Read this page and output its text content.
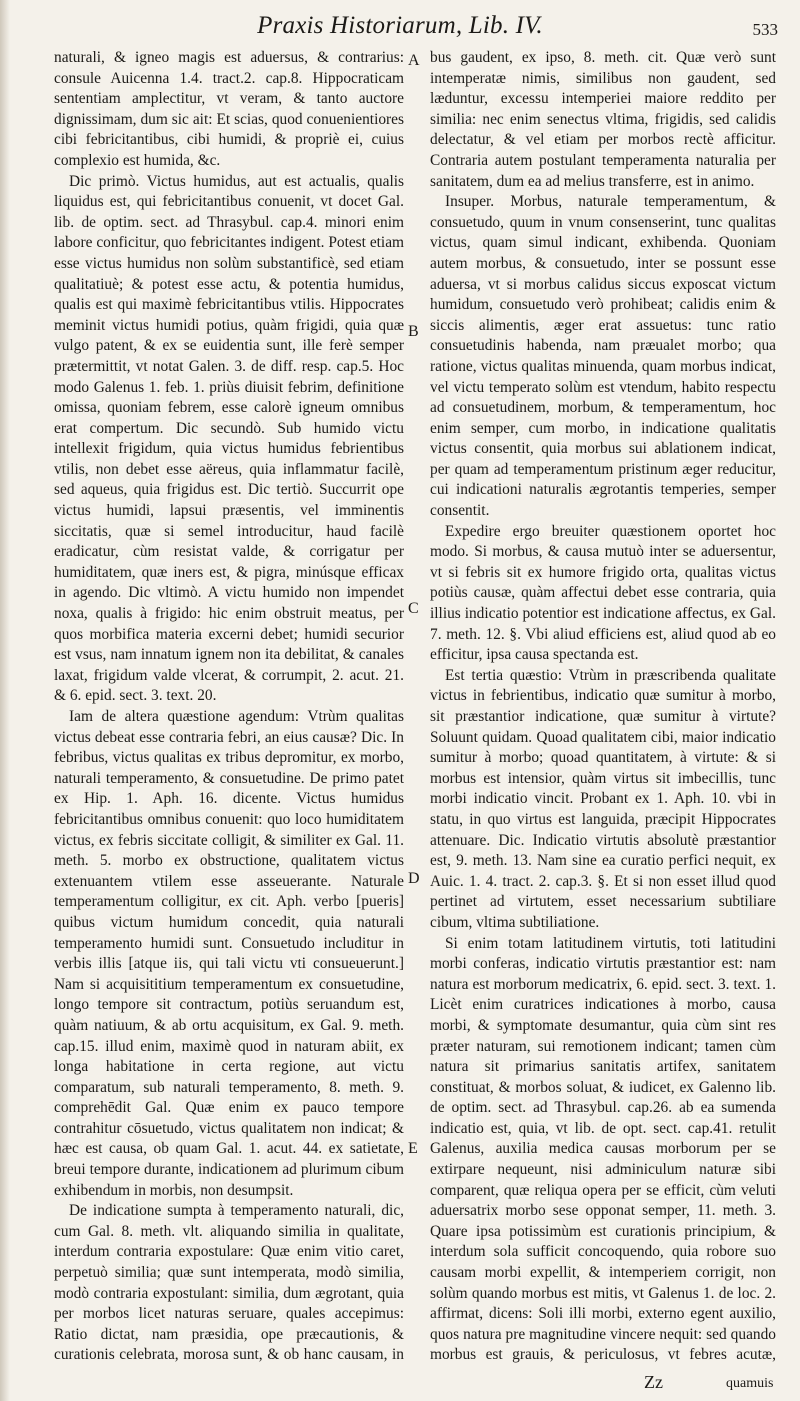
Praxis Historiarum, Lib. IV.	533

naturali, & igneo magis est aduersus, & contrarius: consule Auicenna 1.4. tract.2. cap.8. Hippocraticam sententiam amplectitur, vt veram, & tanto auctore dignissimam, dum sic ait: Et scias, quod conuenientiores cibi febricitantibus, cibi humidi, & propriè ei, cuius complexio est humida, &c.

Dic primò. Victus humidus, aut est actualis, qualis liquidus est, qui febricitantibus conuenit, vt docet Gal. lib. de optim. sect. ad Thrasybul. cap.4. minori enim labore conficitur, quo febricitantes indigent. Potest etiam esse victus humidus non solùm substantificè, sed etiam qualitatiuè; & potest esse actu, & potentia humidus, qualis est qui maximè febricitantibus vtilis. Hippocrates meminit victus humidi potius, quàm frigidi, quia quæ vulgo patent, & ex se euidentia sunt, ille ferè semper prætermittit, vt notat Galen. 3. de diff. resp. cap.5. Hoc modo Galenus 1. feb. 1. priùs diuisit febrim, definitione omissa, quoniam febrem, esse calorè igneum omnibus erat compertum. Dic secundò. Sub humido victu intellexit frigidum, quia victus humidus febrientibus vtilis, non debet esse aëreus, quia inflammatur facilè, sed aqueus, quia frigidus est. Dic tertiò. Succurrit ope victus humidi, lapsui præsentis, vel imminentis siccitatis, quæ si semel introducitur, haud facilè eradicatur, cùm resistat valde, & corrigatur per humiditatem, quæ iners est, & pigra, minúsque efficax in agendo. Dic vltimò. A victu humido non impendet noxa, qualis à frigido: hic enim obstruit meatus, per quos morbifica materia excerni debet; humidi securior est vsus, nam innatum ignem non ita debilitat, & canales laxat, frigidum valde vlcerat, & corrumpit, 2. acut. 21. & 6. epid. sect. 3. text. 20.

Iam de altera quæstione agendum: Vtrùm qualitas victus debeat esse contraria febri, an eius causæ? Dic. In febribus, victus qualitas ex tribus depromitur, ex morbo, naturali temperamento, & consuetudine. De primo patet ex Hip. 1. Aph. 16. dicente. Victus humidus febricitantibus omnibus conuenit: quo loco humiditatem victus, ex febris siccitate colligit, & similiter ex Gal. 11. meth. 5. morbo ex obstructione, qualitatem victus extenuantem vtilem esse asseuerante. Naturale temperamentum colligitur, ex cit. Aph. verbo [pueris] quibus victum humidum concedit, quia naturali temperamento humidi sunt. Consuetudo includitur in verbis illis [atque iis, qui tali victu vti consueuerunt.] Nam si acquisititium temperamentum ex consuetudine, longo tempore sit contractum, potiùs seruandum est, quàm natiuum, & ab ortu acquisitum, ex Gal. 9. meth. cap.15. illud enim, maximè quod in naturam abiit, ex longa habitatione in certa regione, aut victu comparatum, sub naturali temperamento, 8. meth. 9. comprehēdit Gal. Quæ enim ex pauco tempore contrahitur cōsuetudo, victus qualitatem non indicat; & hæc est causa, ob quam Gal. 1. acut. 44. ex satietate, breui tempore durante, indicationem ad plurimum cibum exhibendum in morbis, non desumpsit.

De indicatione sumpta à temperamento naturali, dic, cum Gal. 8. meth. vlt. aliquando similia in qualitate, interdum contraria expostulare: Quæ enim vitio caret, perpetuò similia; quæ sunt intemperata, modò similia, modò contraria expostulant: similia, dum ægrotant, quia per morbos licet naturas seruare, quales accepimus: Ratio dictat, nam præsidia, ope præcautionis, & curationis celebrata, morosa sunt, & ob hanc causam, in

A
B
C
D
E

bus gaudent, ex ipso, 8. meth. cit. Quæ verò sunt intemperatæ nimis, similibus non gaudent, sed læduntur, excessu intemperiei maiore reddito per similia: nec enim senectus vltima, frigidis, sed calidis delectatur, & vel etiam per morbos rectè afficitur. Contraria autem postulant temperamenta naturalia per sanitatem, dum ea ad melius transferre, est in animo.

Insuper. Morbus, naturale temperamentum, & consuetudo, quum in vnum consenserint, tunc qualitas victus, quam simul indicant, exhibenda. Quoniam autem morbus, & consuetudo, inter se possunt esse aduersa, vt si morbus calidus siccus exposcat victum humidum, consuetudo verò prohibeat; calidis enim & siccis alimentis, æger erat assuetus: tunc ratio consuetudinis habenda, nam præualet morbo; qua ratione, victus qualitas minuenda, quam morbus indicat, vel victu temperato solùm est vtendum, habito respectu ad consuetudinem, morbum, & temperamentum, hoc enim semper, cum morbo, in indicatione qualitatis victus consentit, quia morbus sui ablationem indicat, per quam ad temperamentum pristinum æger reducitur, cui indicationi naturalis ægrotantis temperies, semper consentit.

Expedire ergo breuiter quæstionem oportet hoc modo. Si morbus, & causa mutuò inter se aduersentur, vt si febris sit ex humore frigido orta, qualitas victus potiùs causæ, quàm affectui debet esse contraria, quia illius indicatio potentior est indicatione affectus, ex Gal. 7. meth. 12. §. Vbi aliud efficiens est, aliud quod ab eo efficitur, ipsa causa spectanda est.

Est tertia quæstio: Vtrùm in præscribenda qualitate victus in febrientibus, indicatio quæ sumitur à morbo, sit præstantior indicatione, quæ sumitur à virtute? Soluunt quidam. Quoad qualitatem cibi, maior indicatio sumitur à morbo; quoad quantitatem, à virtute: & si morbus est intensior, quàm virtus sit imbecillis, tunc morbi indicatio vincit. Probant ex 1. Aph. 10. vbi in statu, in quo virtus est languida, præcipit Hippocrates attenuare. Dic. Indicatio virtutis absolutè præstantior est, 9. meth. 13. Nam sine ea curatio perfici nequit, ex Auic. 1. 4. tract. 2. cap.3. §. Et si non esset illud quod pertinet ad virtutem, esset necessarium subtiliare cibum, vltima subtiliatione.

Si enim totam latitudinem virtutis, toti latitudini morbi conferas, indicatio virtutis præstantior est: nam natura est morborum medicatrix, 6. epid. sect. 3. text. 1. Licèt enim curatrices indicationes à morbo, causa morbi, & symptomate desumantur, quia cùm sint res præter naturam, sui remotionem indicant; tamen cùm natura sit primarius sanitatis artifex, sanitatem constituat, & morbos soluat, & iudicet, ex Galenno lib. de optim. sect. ad Thrasybul. cap.26. ab ea sumenda indicatio est, quia, vt lib. de opt. sect. cap.41. retulit Galenus, auxilia medica causas morborum per se extirpare nequeunt, nisi adminiculum naturæ sibi comparent, quæ reliqua opera per se efficit, cùm veluti aduersatrix morbo sese opponat semper, 11. meth. 3. Quare ipsa potissimùm est curationis principium, & interdum sola sufficit concoquendo, quia robore suo causam morbi expellit, & intemperiem corrigit, non solùm quando morbus est mitis, vt Galenus 1. de loc. 2. affirmat, dicens: Soli illi morbi, externo egent auxilio, quos natura pre magnitudine vincere nequit: sed quando morbus est grauis, & periculosus, vt febres acutæ,

Zz	quamuis
